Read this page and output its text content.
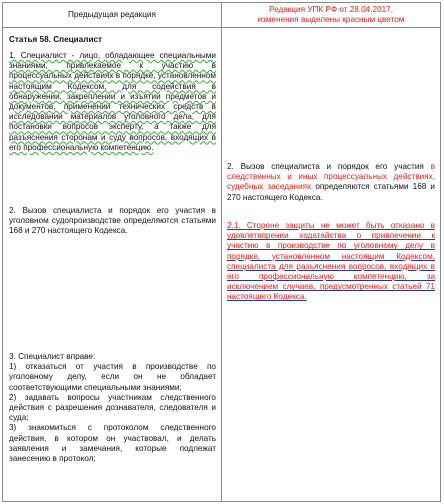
Предыдущая редакция
Редакция УПК РФ от 28.04.2017,
изменения выделены красным цветом
Статья 58. Специалист
1. Специалист - лицо, обладающее специальными знаниями, привлекаемое к участию в процессуальных действиях в порядке, установленном настоящим Кодексом, для содействия в обнаружении, закреплении и изъятии предметов и документов, применении технических средств в исследовании материалов уголовного дела, для постановки вопросов эксперту, а также для разъяснения сторонам и суду вопросов, входящих в его профессиональную компетенцию.
2. Вызов специалиста и порядок его участия в уголовном судопроизводстве определяются статьями 168 и 270 настоящего Кодекса.
3. Специалист вправе:
1) отказаться от участия в производстве по уголовному делу, если он не обладает соответствующими специальными знаниями;
2) задавать вопросы участникам следственного действия с разрешения дознавателя, следователя и суда;
3) знакомиться с протоколом следственного действия, в котором он участвовал, и делать заявления и замечания, которые подлежат занесению в протокол;
2. Вызов специалиста и порядок его участия в следственных и иных процессуальных действиях, судебных заседаниях определяются статьями 168 и 270 настоящего Кодекса.
2.1. Стороне защиты не может быть отказано в удовлетворении ходатайства о привлечении к участию в производстве по уголовному делу в порядке, установленном настоящим Кодексом, специалиста для разъяснения вопросов, входящих в его профессиональную компетенцию, за исключением случаев, предусмотренных статьей 71 настоящего Кодекса.
